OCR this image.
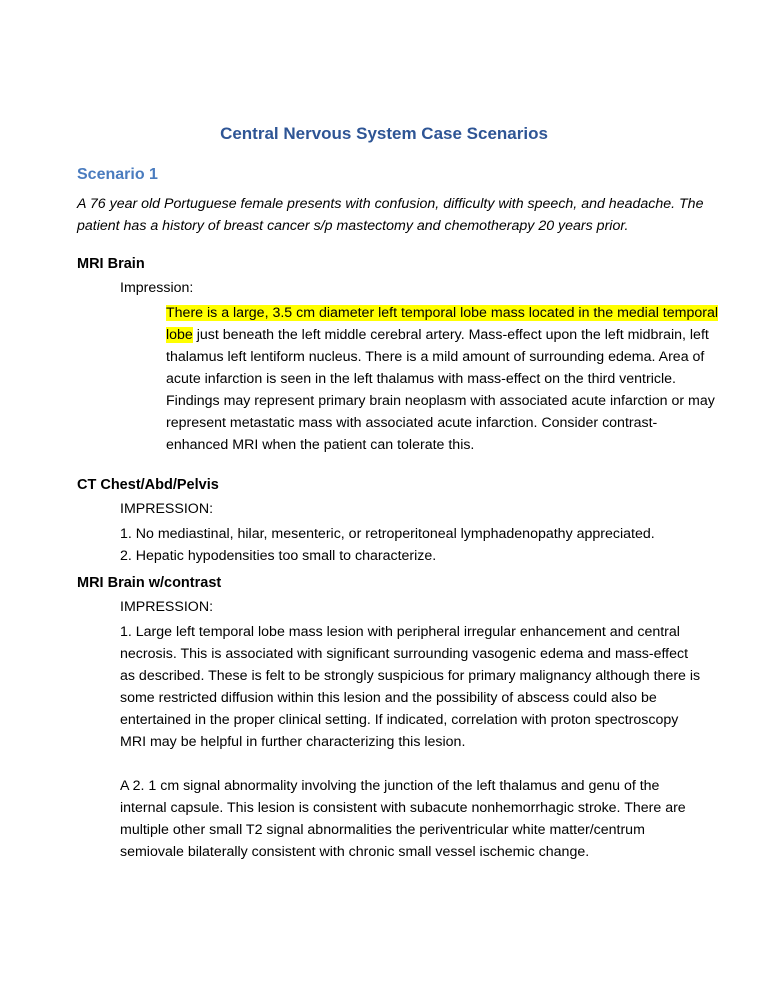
Central Nervous System Case Scenarios
Scenario 1
A 76 year old Portuguese female presents with confusion, difficulty with speech, and headache. The patient has a history of breast cancer s/p mastectomy and chemotherapy 20 years prior.
MRI Brain
Impression:
There is a large, 3.5 cm diameter left temporal lobe mass located in the medial temporal lobe just beneath the left middle cerebral artery. Mass-effect upon the left midbrain, left thalamus left lentiform nucleus. There is a mild amount of surrounding edema. Area of acute infarction is seen in the left thalamus with mass-effect on the third ventricle. Findings may represent primary brain neoplasm with associated acute infarction or may represent metastatic mass with associated acute infarction. Consider contrast-enhanced MRI when the patient can tolerate this.
CT Chest/Abd/Pelvis
IMPRESSION:

1. No mediastinal, hilar, mesenteric, or retroperitoneal lymphadenopathy appreciated.

2. Hepatic hypodensities too small to characterize.

MRI Brain w/contrast
IMPRESSION:

1. Large left temporal lobe mass lesion with peripheral irregular enhancement and central necrosis. This is associated with significant surrounding vasogenic edema and mass-effect as described. These is felt to be strongly suspicious for primary malignancy although there is some restricted diffusion within this lesion and the possibility of abscess could also be entertained in the proper clinical setting. If indicated, correlation with proton spectroscopy MRI may be helpful in further characterizing this lesion.

A 2. 1 cm signal abnormality involving the junction of the left thalamus and genu of the internal capsule. This lesion is consistent with subacute nonhemorrhagic stroke. There are multiple other small T2 signal abnormalities the periventricular white matter/centrum semiovale bilaterally consistent with chronic small vessel ischemic change.
